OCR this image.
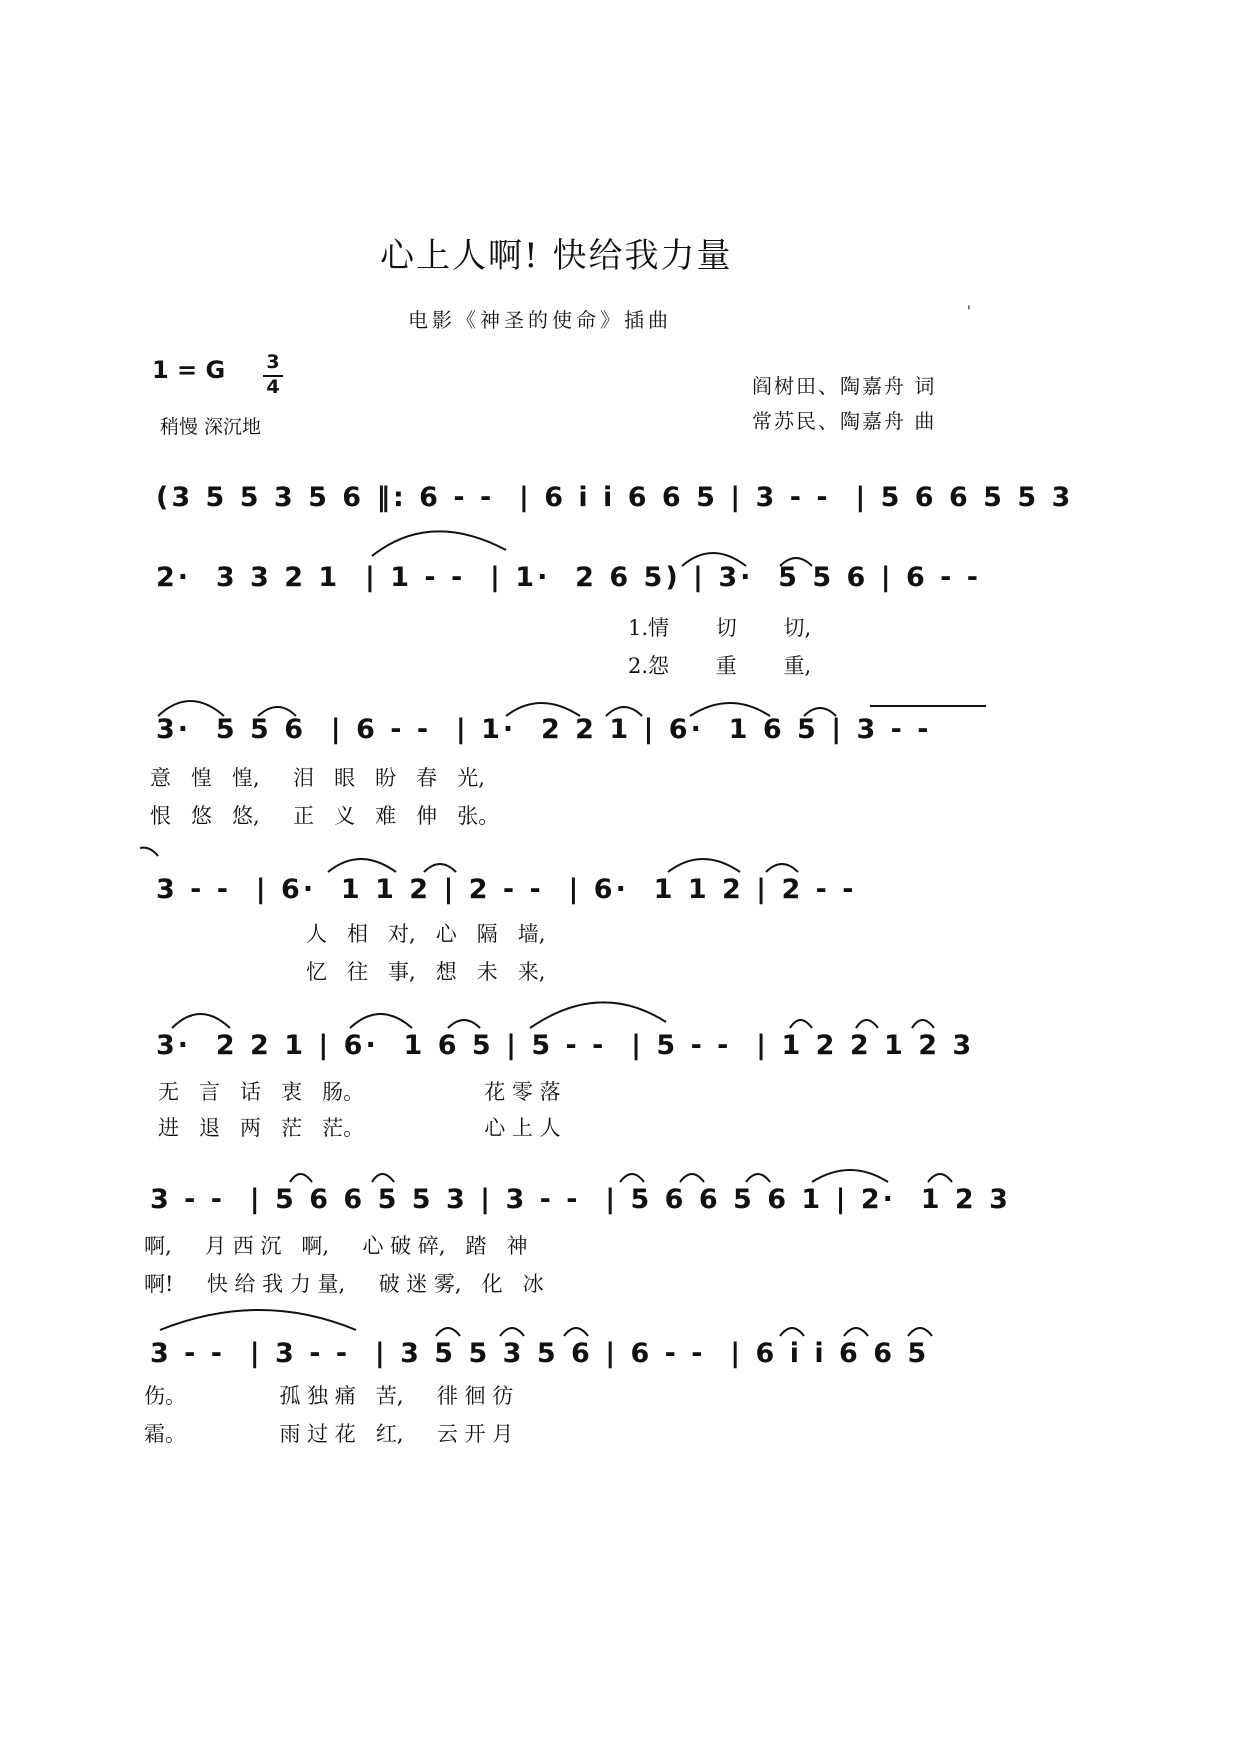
心上人啊! 快给我力量
电影《神圣的使命》插曲	'
1 = G 3
4
稍慢 深沉地
阎树田、陶嘉舟 词
常苏民、陶嘉舟 曲
(3 5 5 3 5 6 ‖: 6 - -  | 6 i i 6 6 5 | 3 - -  | 5 6 6 5 5 3
2·  3 3 2 1  | 1 - -  | 1·  2 6 5) | 3·  5 5 6 | 6 - -
1.情       切       切,
2.怨       重       重,
3·  5 5 6  | 6 - -  | 1·  2 2 1 | 6·  1 6 5 | 3 - -
意   惶   惶,     泪   眼   盼   春   光,
恨   悠   悠,     正   义   难   伸   张。
3 - -  | 6·  1 1 2 | 2 - -  | 6·  1 1 2 | 2 - -
人   相   对,   心   隔   墙,
忆   往   事,   想   未   来,
3·  2 2 1 | 6·  1 6 5 | 5 - -  | 5 - -  | 1 2 2 1 2 3
无   言   话   衷   肠。                  花 零 落
进   退   两   茫   茫。                  心 上 人
3 - -  | 5 6 6 5 5 3 | 3 - -  | 5 6 6 5 6 1 | 2·  1 2 3
啊,     月 西 沉   啊,     心 破 碎,   踏   神
啊!     快 给 我 力 量,     破 迷 雾,   化   冰
3 - -  | 3 - -  | 3 5 5 3 5 6 | 6 - -  | 6 i i 6 6 5
伤。              孤 独 痛   苦,     徘 徊 彷
霜。              雨 过 花   红,     云 开 月
